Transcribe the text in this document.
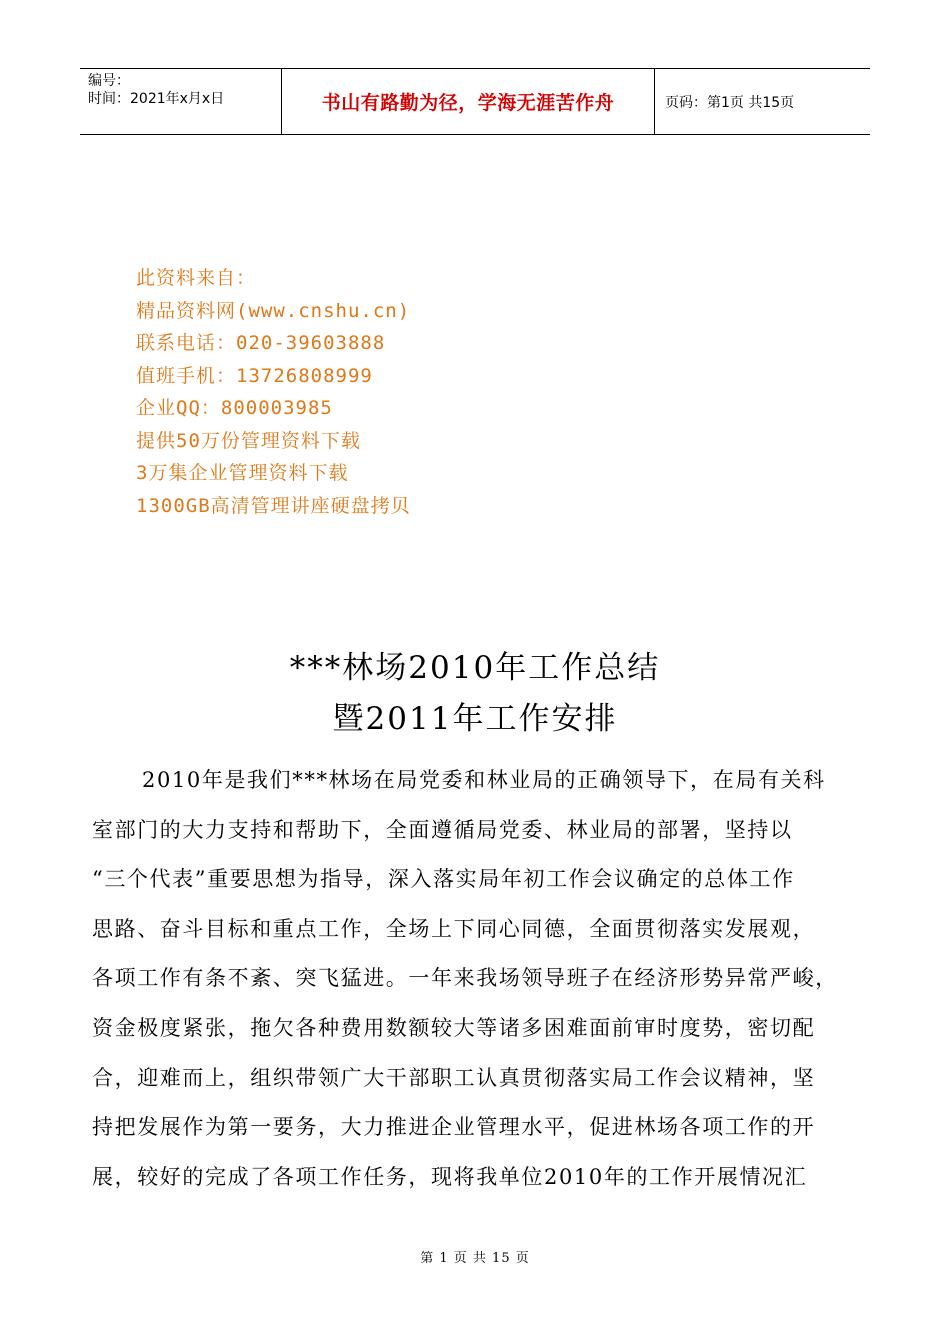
编号：
时间：2021年x月x日	书山有路勤为径，学海无涯苦作舟	页码：第1页 共15页
此资料来自：
精品资料网(www.cnshu.cn)
联系电话：020-39603888
值班手机：13726808999
企业QQ：800003985
提供50万份管理资料下载
3万集企业管理资料下载
1300GB高清管理讲座硬盘拷贝
***林场2010年工作总结
暨2011年工作安排
2010年是我们***林场在局党委和林业局的正确领导下，在局有关科
室部门的大力支持和帮助下，全面遵循局党委、林业局的部署，坚持以
“三个代表”重要思想为指导，深入落实局年初工作会议确定的总体工作
思路、奋斗目标和重点工作，全场上下同心同德，全面贯彻落实发展观，
各项工作有条不紊、突飞猛进。一年来我场领导班子在经济形势异常严峻，
资金极度紧张，拖欠各种费用数额较大等诸多困难面前审时度势，密切配
合，迎难而上，组织带领广大干部职工认真贯彻落实局工作会议精神，坚
持把发展作为第一要务，大力推进企业管理水平，促进林场各项工作的开
展，较好的完成了各项工作任务，现将我单位2010年的工作开展情况汇
第 1 页 共 15 页
